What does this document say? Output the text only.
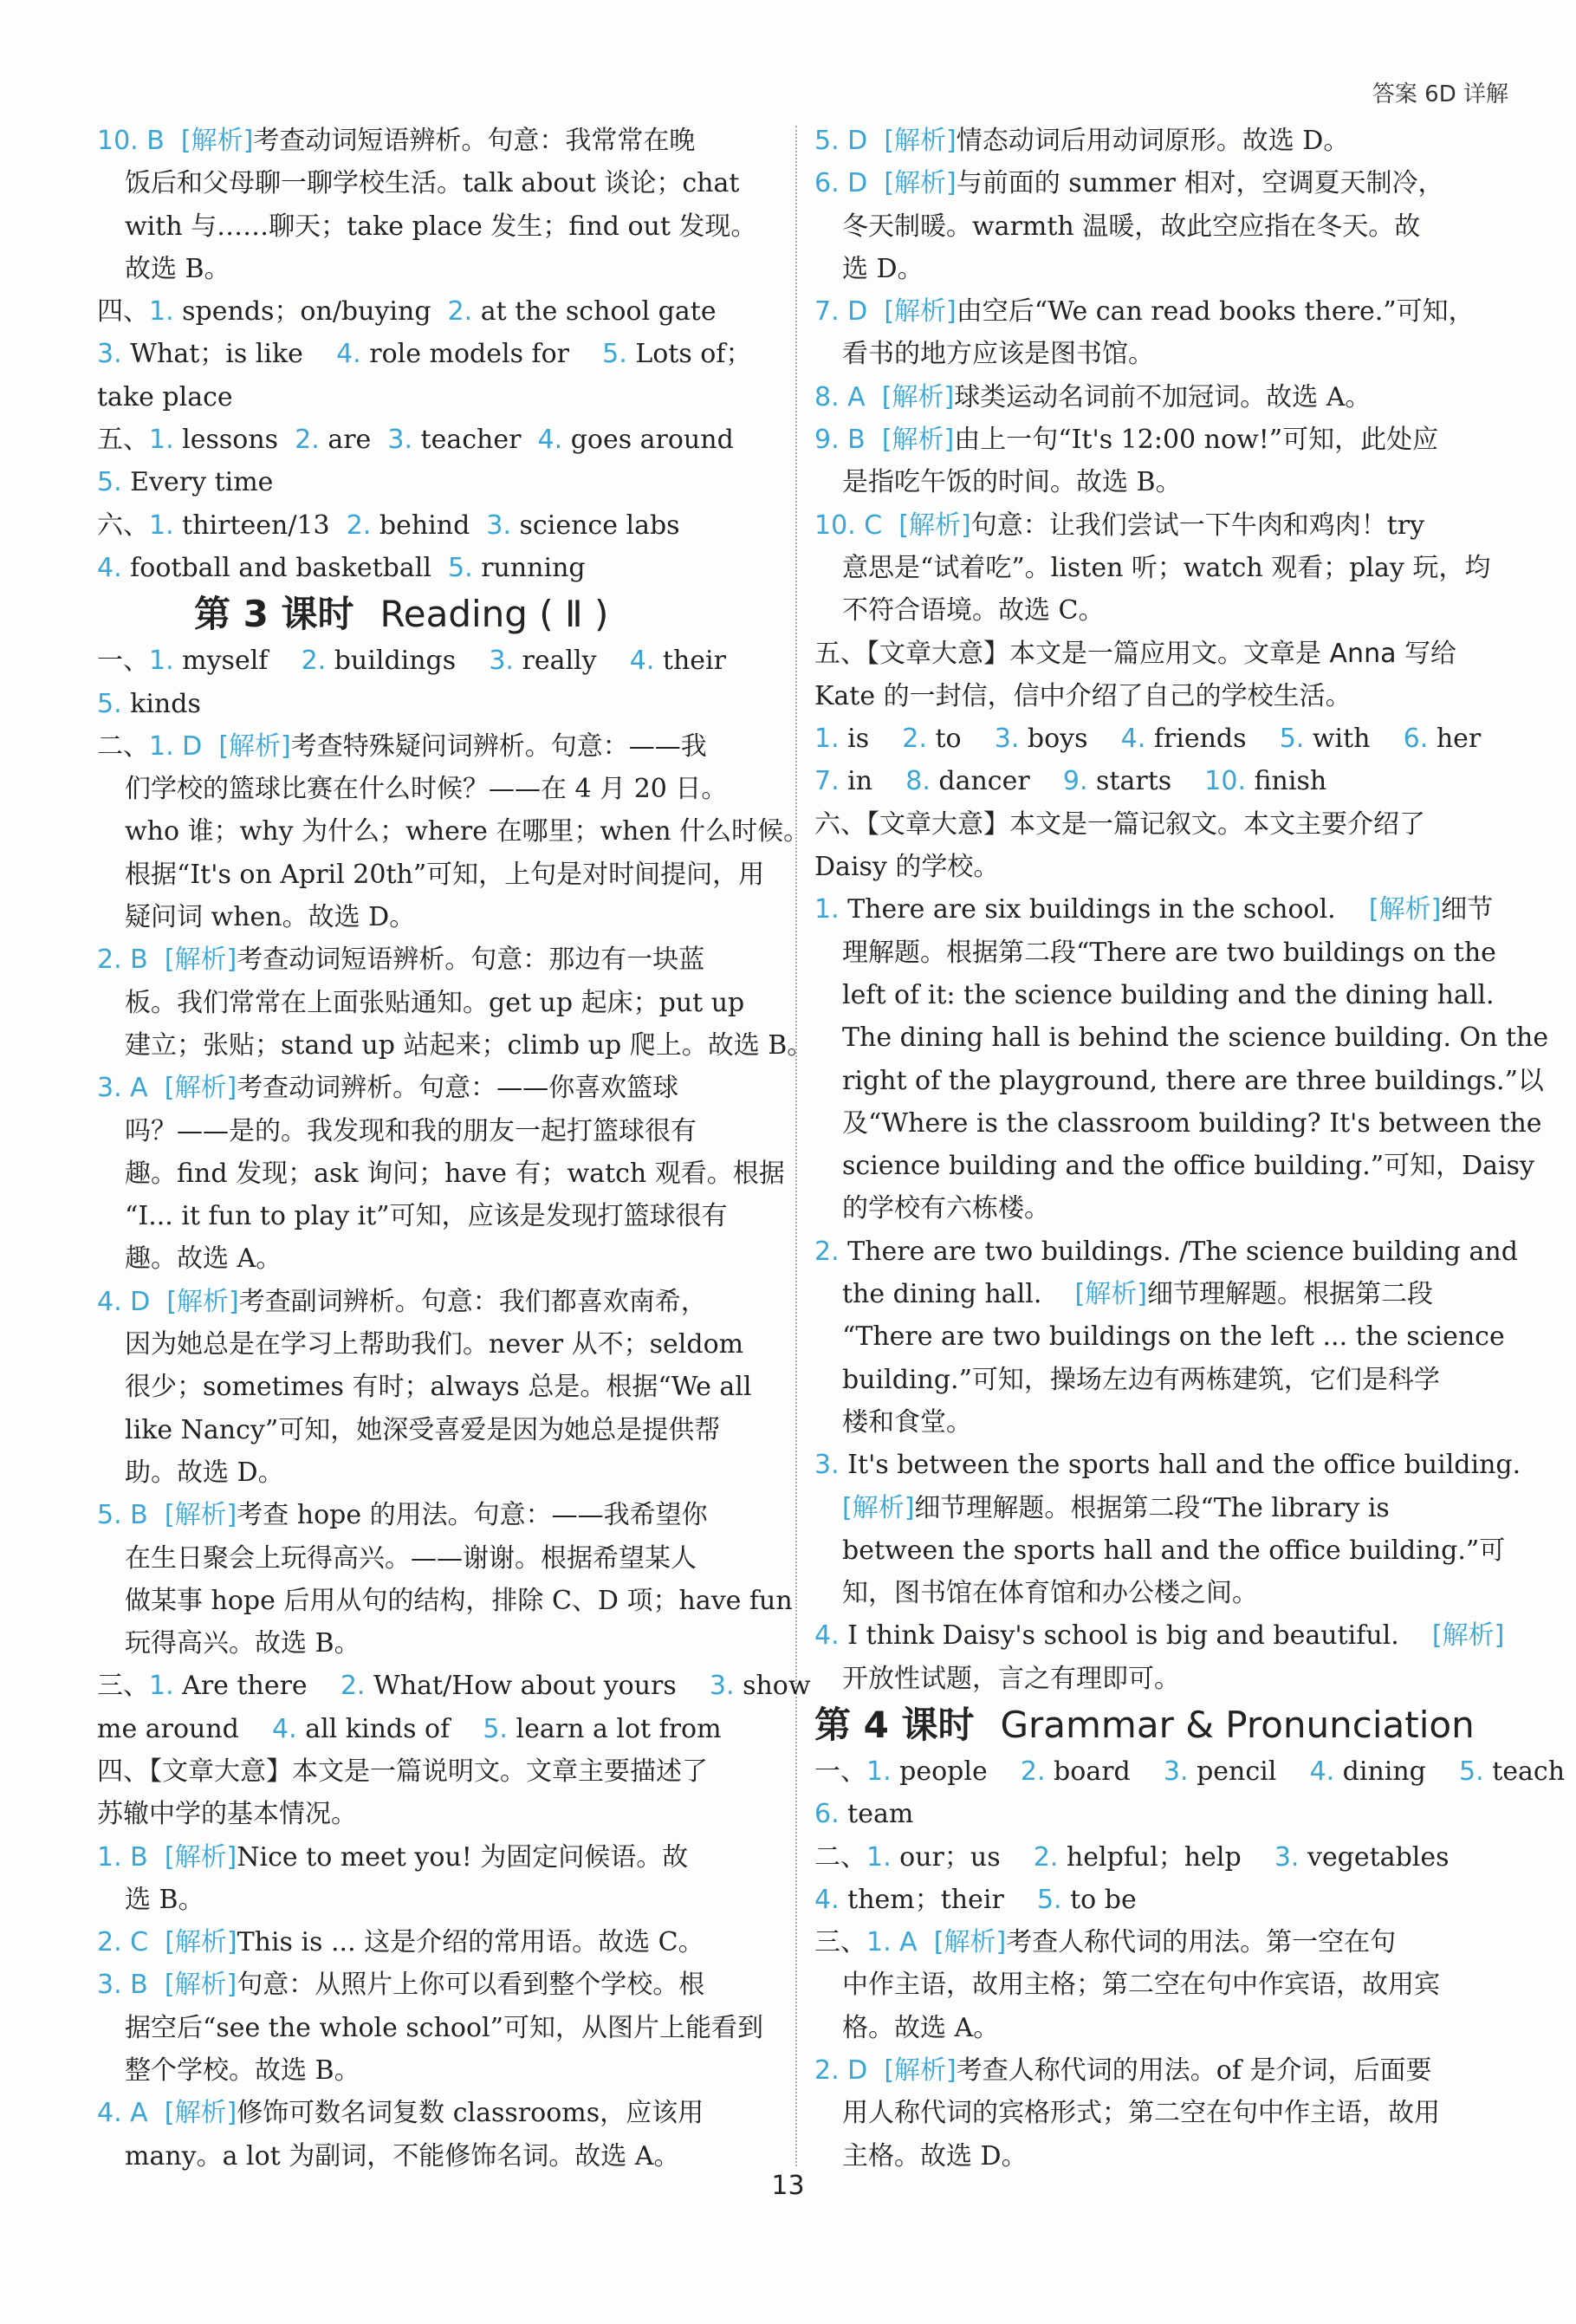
答案 6D 详解
10. B [解析]考查动词短语辨析。句意：我常常在晚
饭后和父母聊一聊学校生活。talk about 谈论；chat
with 与……聊天；take place 发生；find out 发现。
故选 B。
四、1. spends；on/buying  2. at the school gate
3. What；is like    4. role models for    5. Lots of；
take place
五、1. lessons  2. are  3. teacher  4. goes around
5. Every time
六、1. thirteen/13  2. behind  3. science labs
4. football and basketball  5. running
第 3 课时 Reading ( Ⅱ )
一、1. myself    2. buildings    3. really    4. their
5. kinds
二、1. D [解析]考查特殊疑问词辨析。句意：——我
们学校的篮球比赛在什么时候？——在 4 月 20 日。
who 谁；why 为什么；where 在哪里；when 什么时候。
根据“It's on April 20th”可知，上句是对时间提问，用
疑问词 when。故选 D。
2. B [解析]考查动词短语辨析。句意：那边有一块蓝
板。我们常常在上面张贴通知。get up 起床；put up
建立；张贴；stand up 站起来；climb up 爬上。故选 B。
3. A [解析]考查动词辨析。句意：——你喜欢篮球
吗？——是的。我发现和我的朋友一起打篮球很有
趣。find 发现；ask 询问；have 有；watch 观看。根据
“I... it fun to play it”可知，应该是发现打篮球很有
趣。故选 A。
4. D [解析]考查副词辨析。句意：我们都喜欢南希，
因为她总是在学习上帮助我们。never 从不；seldom
很少；sometimes 有时；always 总是。根据“We all
like Nancy”可知，她深受喜爱是因为她总是提供帮
助。故选 D。
5. B [解析]考查 hope 的用法。句意：——我希望你
在生日聚会上玩得高兴。——谢谢。根据希望某人
做某事 hope 后用从句的结构，排除 C、D 项；have fun
玩得高兴。故选 B。
三、1. Are there    2. What/How about yours    3. show
me around    4. all kinds of    5. learn a lot from
四、【文章大意】本文是一篇说明文。文章主要描述了
苏辙中学的基本情况。
1. B [解析]Nice to meet you! 为固定问候语。故
选 B。
2. C [解析]This is ... 这是介绍的常用语。故选 C。
3. B [解析]句意：从照片上你可以看到整个学校。根
据空后“see the whole school”可知，从图片上能看到
整个学校。故选 B。
4. A [解析]修饰可数名词复数 classrooms，应该用
many。a lot 为副词，不能修饰名词。故选 A。
5. D [解析]情态动词后用动词原形。故选 D。
6. D [解析]与前面的 summer 相对，空调夏天制冷，
冬天制暖。warmth 温暖，故此空应指在冬天。故
选 D。
7. D [解析]由空后“We can read books there.”可知，
看书的地方应该是图书馆。
8. A [解析]球类运动名词前不加冠词。故选 A。
9. B [解析]由上一句“It's 12:00 now!”可知，此处应
是指吃午饭的时间。故选 B。
10. C [解析]句意：让我们尝试一下牛肉和鸡肉！try
意思是“试着吃”。listen 听；watch 观看；play 玩，均
不符合语境。故选 C。
五、【文章大意】本文是一篇应用文。文章是 Anna 写给
Kate 的一封信，信中介绍了自己的学校生活。
1. is    2. to    3. boys    4. friends    5. with    6. her
7. in    8. dancer    9. starts    10. finish
六、【文章大意】本文是一篇记叙文。本文主要介绍了
Daisy 的学校。
1. There are six buildings in the school.    [解析]细节
理解题。根据第二段“There are two buildings on the
left of it: the science building and the dining hall.
The dining hall is behind the science building. On the
right of the playground, there are three buildings.”以
及“Where is the classroom building? It's between the
science building and the office building.”可知，Daisy
的学校有六栋楼。
2. There are two buildings. /The science building and
the dining hall.    [解析]细节理解题。根据第二段
“There are two buildings on the left ... the science
building.”可知，操场左边有两栋建筑，它们是科学
楼和食堂。
3. It's between the sports hall and the office building.
[解析]细节理解题。根据第二段“The library is
between the sports hall and the office building.”可
知，图书馆在体育馆和办公楼之间。
4. I think Daisy's school is big and beautiful.    [解析]
开放性试题，言之有理即可。
第 4 课时 Grammar & Pronunciation
一、1. people    2. board    3. pencil    4. dining    5. teach
6. team
二、1. our；us    2. helpful；help    3. vegetables
4. them；their    5. to be
三、1. A [解析]考查人称代词的用法。第一空在句
中作主语，故用主格；第二空在句中作宾语，故用宾
格。故选 A。
2. D [解析]考查人称代词的用法。of 是介词，后面要
用人称代词的宾格形式；第二空在句中作主语，故用
主格。故选 D。
13
